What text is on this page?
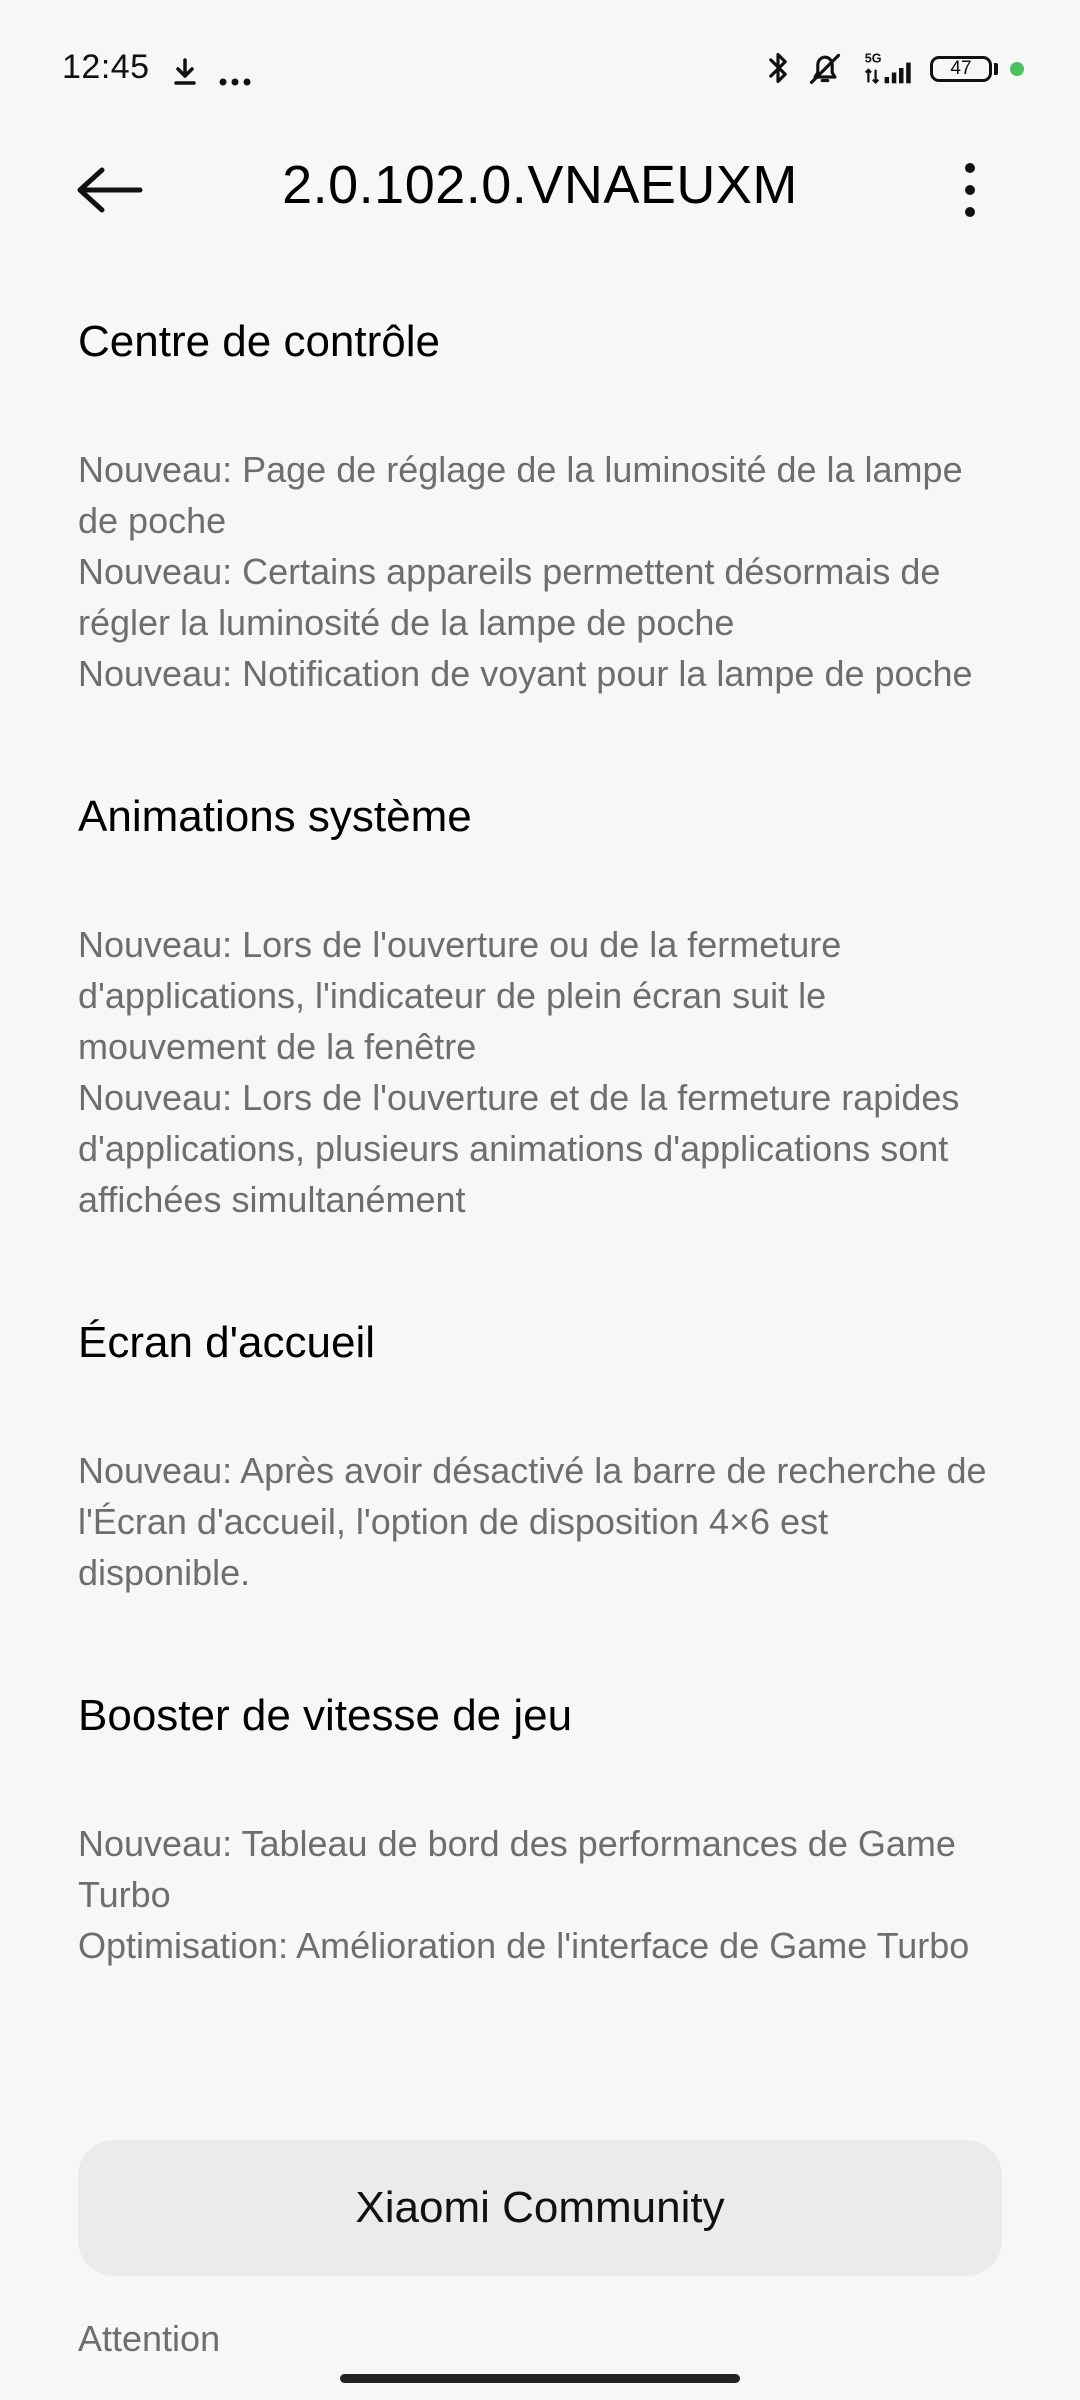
12:45	5G	47
2.0.102.0.VNAEUXM
Centre de contrôle
Nouveau: Page de réglage de la luminosité de la lampe de poche
Nouveau: Certains appareils permettent désormais de régler la luminosité de la lampe de poche
Nouveau: Notification de voyant pour la lampe de poche
Animations système
Nouveau: Lors de l'ouverture ou de la fermeture d'applications, l'indicateur de plein écran suit le mouvement de la fenêtre
Nouveau: Lors de l'ouverture et de la fermeture rapides d'applications, plusieurs animations d'applications sont affichées simultanément
Écran d'accueil
Nouveau: Après avoir désactivé la barre de recherche de l'Écran d'accueil, l'option de disposition 4×6 est disponible.
Booster de vitesse de jeu
Nouveau: Tableau de bord des performances de Game Turbo
Optimisation: Amélioration de l'interface de Game Turbo
Xiaomi Community
Attention
